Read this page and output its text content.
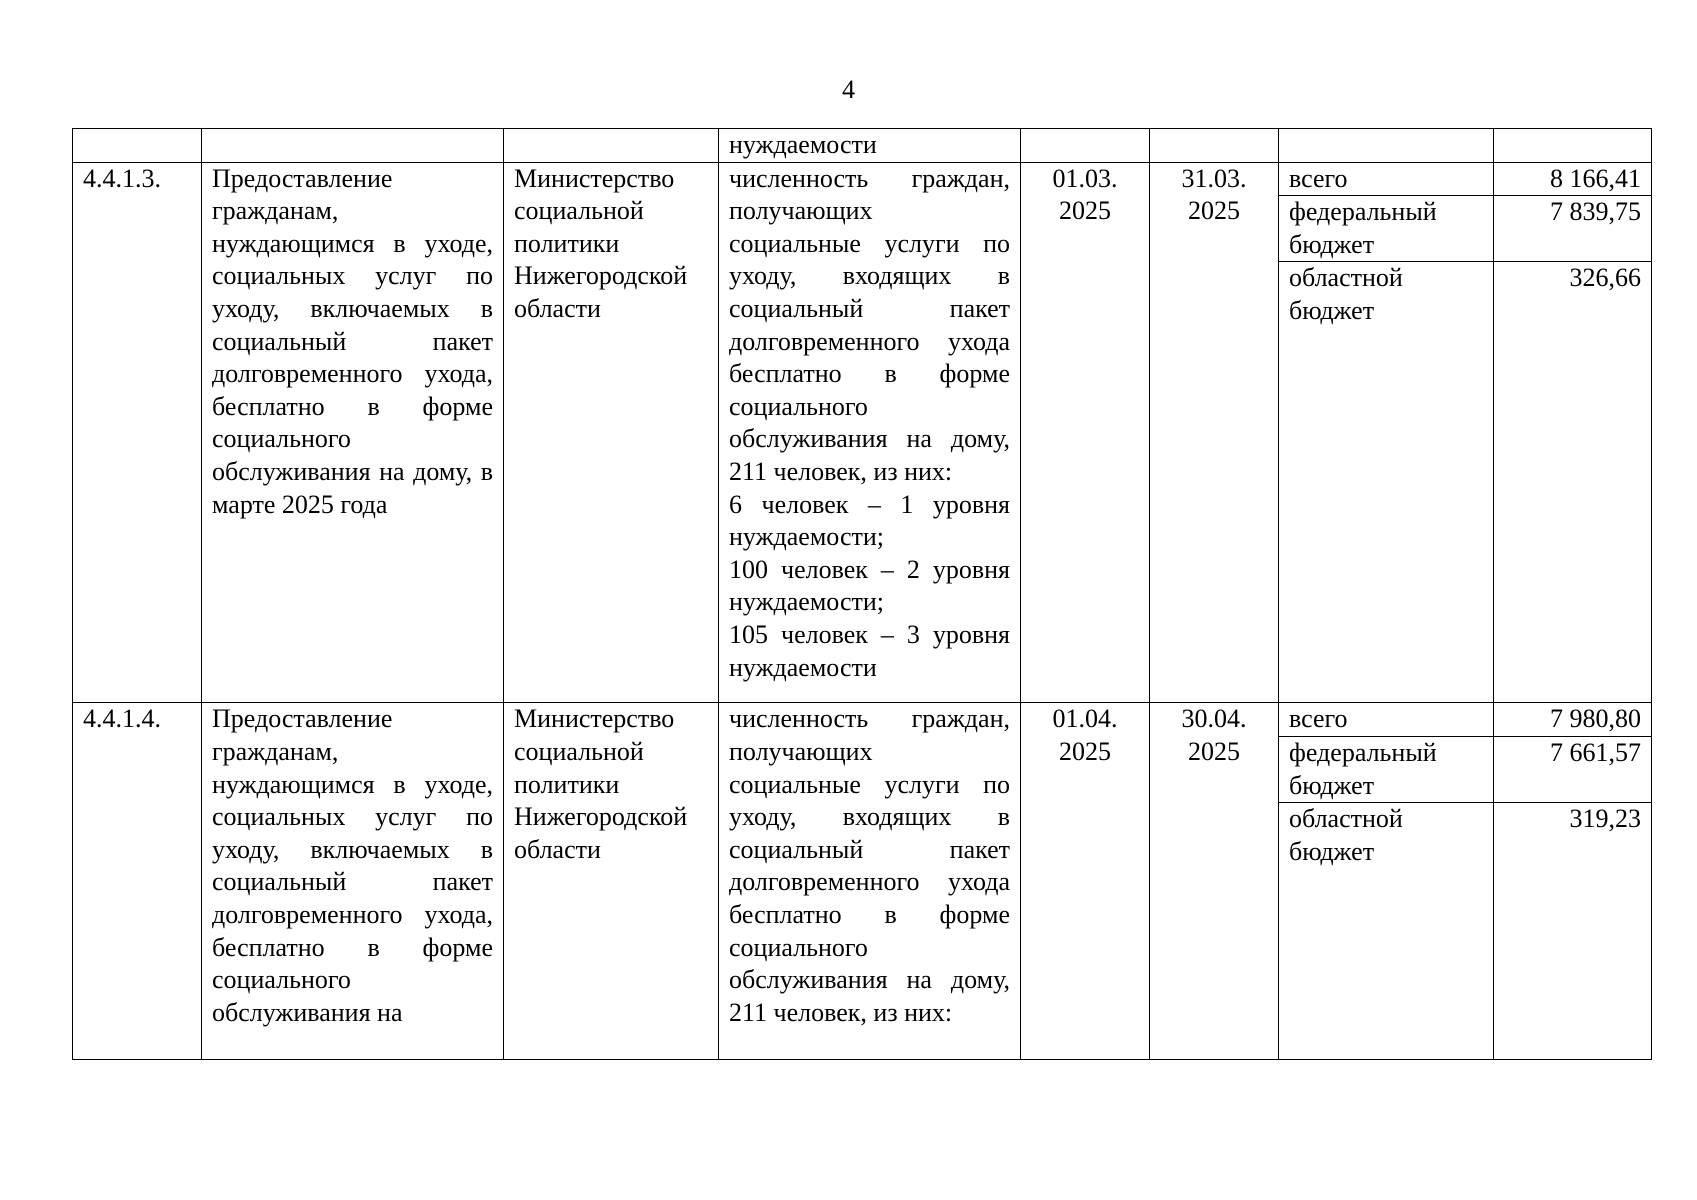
4
			нуждаемости				
4.4.1.3.	Предоставление гражданам, нуждающимся в уходе, социальных услуг по уходу, включаемых в социальный пакет долговременного ухода, бесплатно в форме социального обслуживания на дому, в марте 2025 года	Министерство социальной политики Нижегородской области	численность граждан, получающих социальные услуги по уходу, входящих в социальный пакет долговременного ухода бесплатно в форме социального обслуживания на дому, 211 человек, из них:
6 человек – 1 уровня нуждаемости;
100 человек – 2 уровня нуждаемости;
105 человек – 3 уровня нуждаемости	01.03. 2025	31.03. 2025	всего	8 166,41
						федеральный бюджет	7 839,75
						областной бюджет	326,66
4.4.1.4.	Предоставление гражданам, нуждающимся в уходе, социальных услуг по уходу, включаемых в социальный пакет долговременного ухода, бесплатно в форме социального обслуживания на	Министерство социальной политики Нижегородской области	численность граждан, получающих социальные услуги по уходу, входящих в социальный пакет долговременного ухода бесплатно в форме социального обслуживания на дому, 211 человек, из них:	01.04. 2025	30.04. 2025	всего	7 980,80
						федеральный бюджет	7 661,57
						областной бюджет	319,23
